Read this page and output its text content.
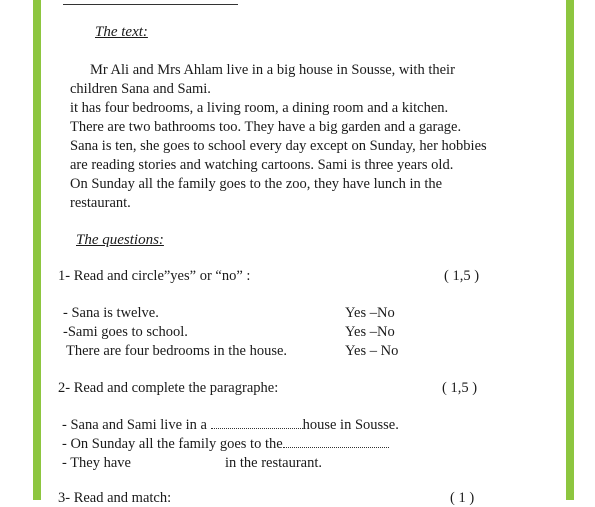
The text:
Mr Ali and Mrs Ahlam live in a big house in Sousse, with their
children Sana and Sami.
it has four bedrooms, a living room, a dining room and a kitchen.
There are two bathrooms too. They have a big garden and a garage.
Sana is ten, she goes to school every day except on Sunday, her hobbies
are reading stories and watching cartoons. Sami is three years old.
On Sunday all the family goes to the zoo, they have lunch in the
restaurant.
The questions:
1- Read and circle”yes” or “no” :	( 1,5 )
- Sana is twelve.	Yes –No
-Sami goes to school.	Yes –No
There are four bedrooms in the house.	Yes – No
2- Read and complete the paragraphe:	( 1,5 )
- Sana and Sami live in a	house in Sousse.
- On Sunday all the family goes to the
- They have	in the restaurant.
3- Read and match:	( 1 )
